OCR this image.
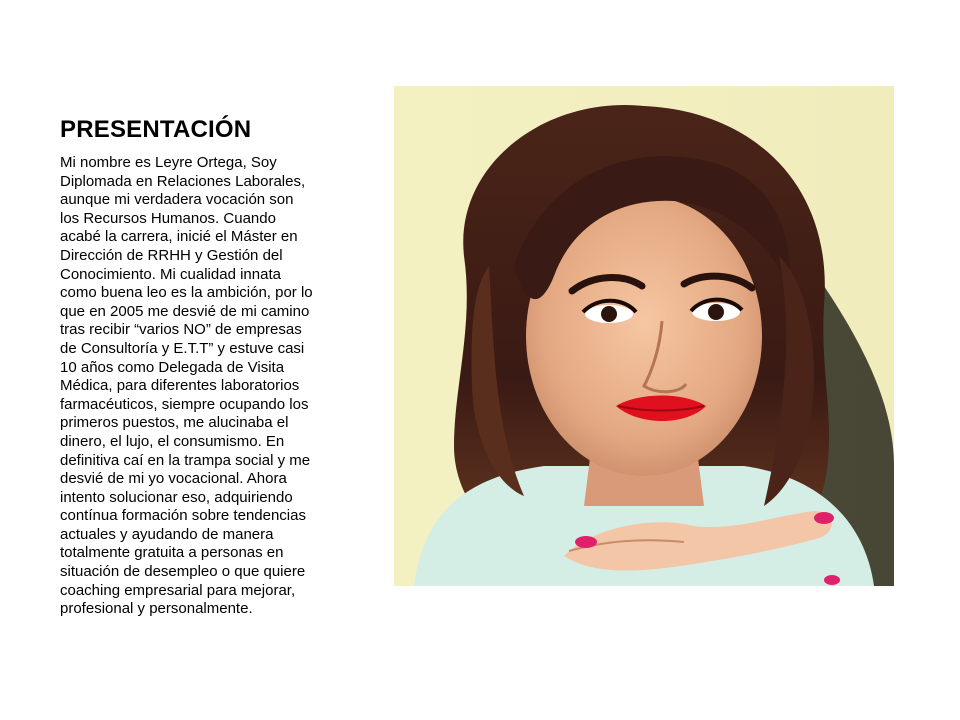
PRESENTACIÓN

Mi nombre es Leyre Ortega, Soy
Diplomada en Relaciones Laborales,
aunque mi verdadera vocación son
los Recursos Humanos. Cuando
acabé la carrera, inicié el Máster en
Dirección de RRHH y Gestión del
Conocimiento. Mi cualidad innata
como buena leo es la ambición, por lo
que en 2005 me desvié de mi camino
tras recibir “varios NO” de empresas
de Consultoría y E.T.T” y estuve casi
10 años como Delegada de Visita
Médica, para diferentes laboratorios
farmacéuticos, siempre ocupando los
primeros puestos, me alucinaba el
dinero, el lujo, el consumismo. En
definitiva caí en la trampa social y me
desvié de mi yo vocacional. Ahora
intento solucionar eso, adquiriendo
contínua formación sobre tendencias
actuales y ayudando de manera
totalmente gratuita a personas en
situación de desempleo o que quiere
coaching empresarial para mejorar,
profesional y personalmente.
